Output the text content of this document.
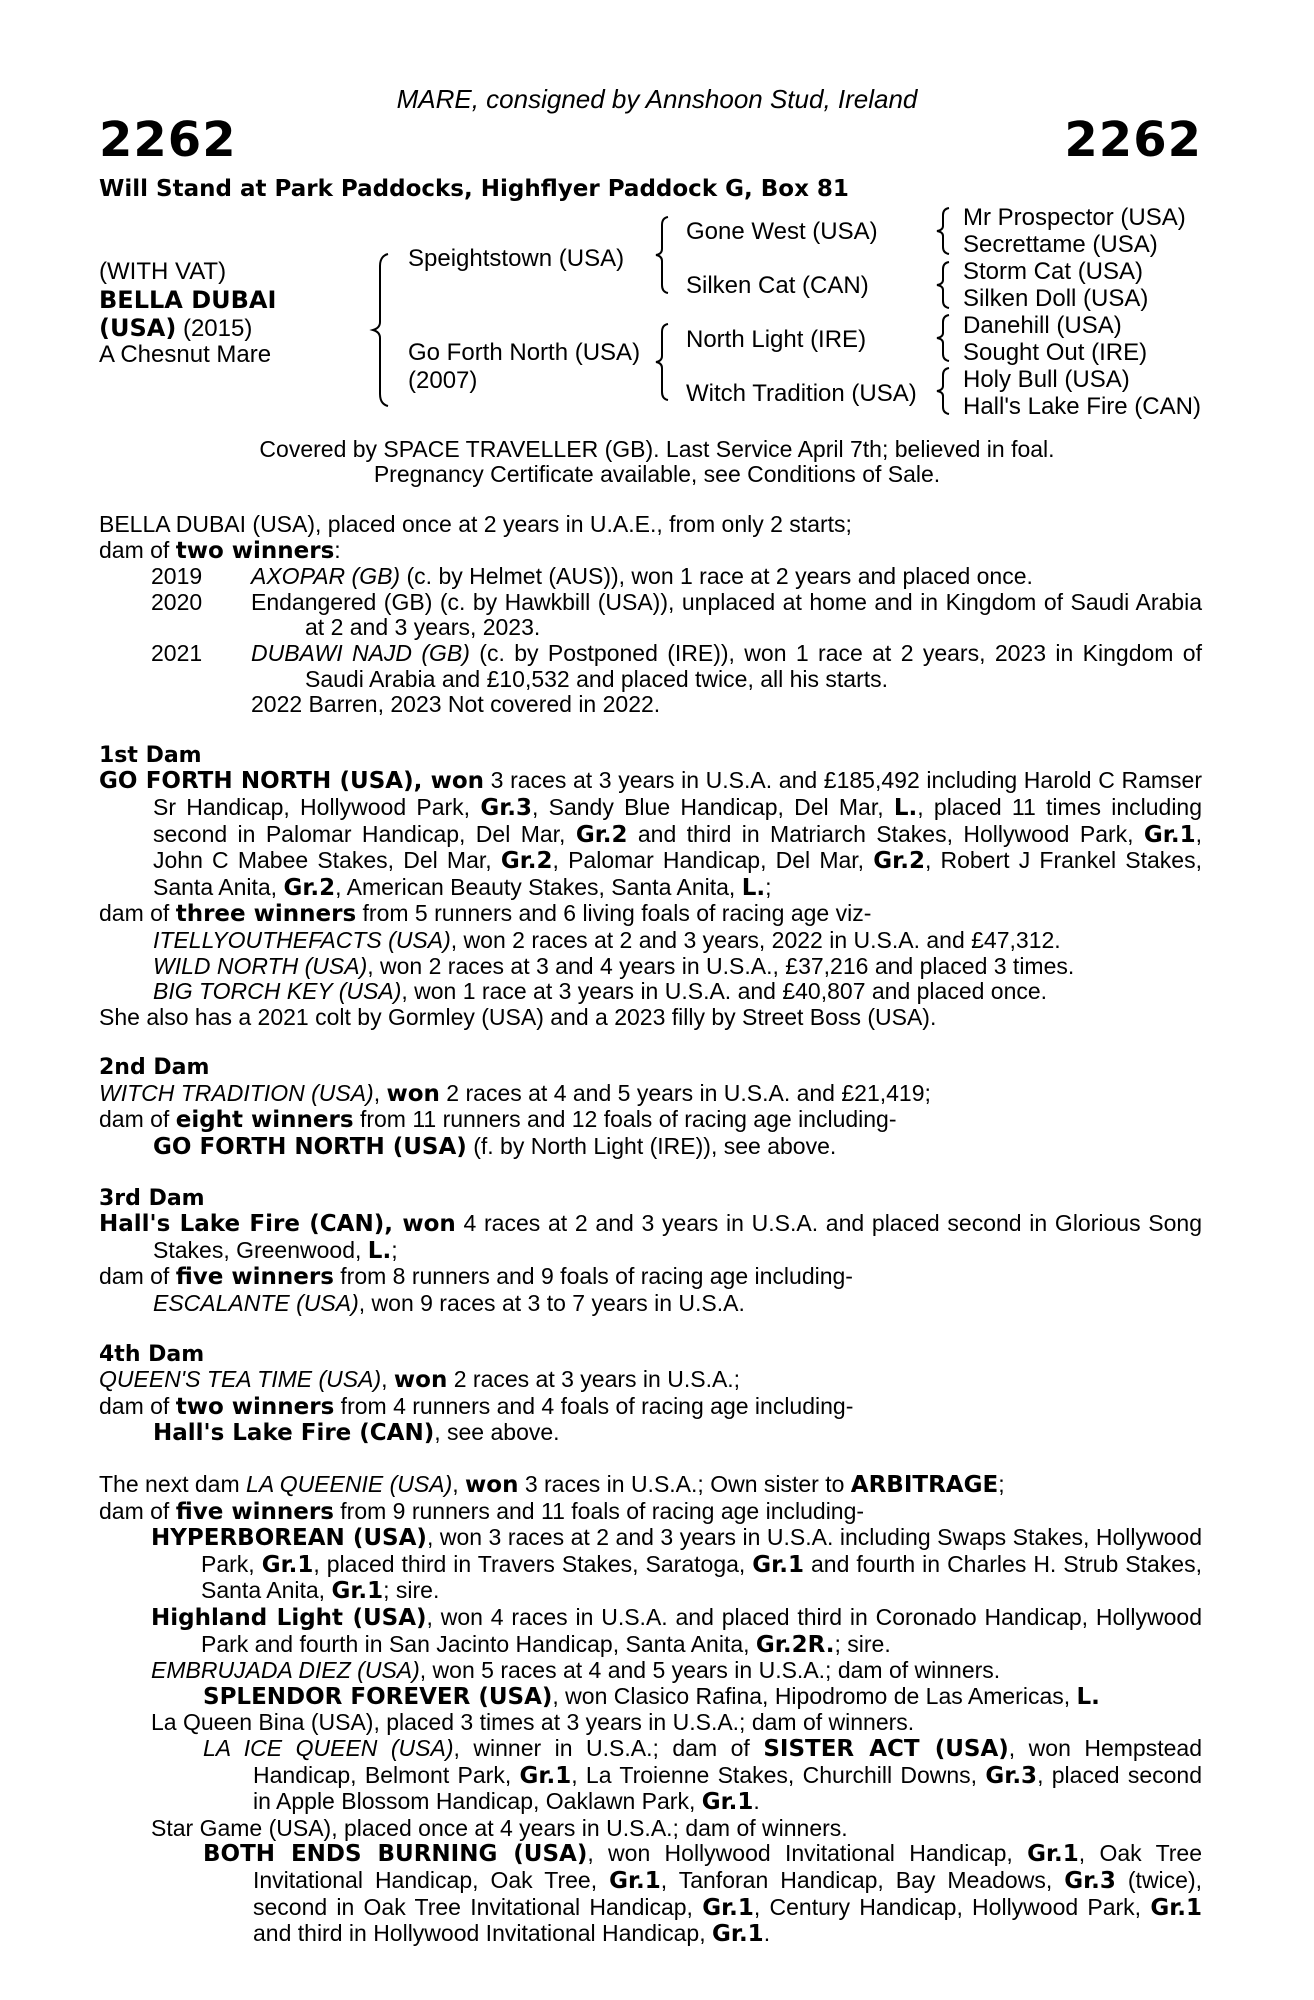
MARE, consigned by Annshoon Stud, Ireland
2262	2262
Will Stand at Park Paddocks, Highflyer Paddock G, Box 81
(WITH VAT)
BELLA DUBAI
(USA) (2015)
A Chesnut Mare
Speightstown (USA)
Go Forth North (USA)
(2007)
Gone West (USA)
Silken Cat (CAN)
North Light (IRE)
Witch Tradition (USA)
Mr Prospector (USA)
Secrettame (USA)
Storm Cat (USA)
Silken Doll (USA)
Danehill (USA)
Sought Out (IRE)
Holy Bull (USA)
Hall's Lake Fire (CAN)
Covered by SPACE TRAVELLER (GB). Last Service April 7th; believed in foal.
Pregnancy Certificate available, see Conditions of Sale.

BELLA DUBAI (USA), placed once at 2 years in U.A.E., from only 2 starts;

dam of two winners:

2019	AXOPAR (GB) (c. by Helmet (AUS)), won 1 race at 2 years and placed once.
2020	Endangered (GB) (c. by Hawkbill (USA)), unplaced at home and in Kingdom of Saudi Arabia at 2 and 3 years, 2023.
2021	DUBAWI NAJD (GB) (c. by Postponed (IRE)), won 1 race at 2 years, 2023 in Kingdom of Saudi Arabia and £10,532 and placed twice, all his starts.

2022 Barren, 2023 Not covered in 2022.

1st Dam

GO FORTH NORTH (USA), won 3 races at 3 years in U.S.A. and £185,492 including Harold C Ramser Sr Handicap, Hollywood Park, Gr.3, Sandy Blue Handicap, Del Mar, L., placed 11 times including second in Palomar Handicap, Del Mar, Gr.2 and third in Matriarch Stakes, Hollywood Park, Gr.1, John C Mabee Stakes, Del Mar, Gr.2, Palomar Handicap, Del Mar, Gr.2, Robert J Frankel Stakes, Santa Anita, Gr.2, American Beauty Stakes, Santa Anita, L.;

dam of three winners from 5 runners and 6 living foals of racing age viz-

ITELLYOUTHEFACTS (USA), won 2 races at 2 and 3 years, 2022 in U.S.A. and £47,312.

WILD NORTH (USA), won 2 races at 3 and 4 years in U.S.A., £37,216 and placed 3 times.

BIG TORCH KEY (USA), won 1 race at 3 years in U.S.A. and £40,807 and placed once.

She also has a 2021 colt by Gormley (USA) and a 2023 filly by Street Boss (USA).

2nd Dam

WITCH TRADITION (USA), won 2 races at 4 and 5 years in U.S.A. and £21,419;

dam of eight winners from 11 runners and 12 foals of racing age including-

GO FORTH NORTH (USA) (f. by North Light (IRE)), see above.

3rd Dam

Hall's Lake Fire (CAN), won 4 races at 2 and 3 years in U.S.A. and placed second in Glorious Song Stakes, Greenwood, L.;

dam of five winners from 8 runners and 9 foals of racing age including-

ESCALANTE (USA), won 9 races at 3 to 7 years in U.S.A.

4th Dam

QUEEN'S TEA TIME (USA), won 2 races at 3 years in U.S.A.;

dam of two winners from 4 runners and 4 foals of racing age including-

Hall's Lake Fire (CAN), see above.

The next dam LA QUEENIE (USA), won 3 races in U.S.A.; Own sister to ARBITRAGE;

dam of five winners from 9 runners and 11 foals of racing age including-

HYPERBOREAN (USA), won 3 races at 2 and 3 years in U.S.A. including Swaps Stakes, Hollywood Park, Gr.1, placed third in Travers Stakes, Saratoga, Gr.1 and fourth in Charles H. Strub Stakes, Santa Anita, Gr.1; sire.

Highland Light (USA), won 4 races in U.S.A. and placed third in Coronado Handicap, Hollywood Park and fourth in San Jacinto Handicap, Santa Anita, Gr.2R.; sire.

EMBRUJADA DIEZ (USA), won 5 races at 4 and 5 years in U.S.A.; dam of winners.

SPLENDOR FOREVER (USA), won Clasico Rafina, Hipodromo de Las Americas, L.

La Queen Bina (USA), placed 3 times at 3 years in U.S.A.; dam of winners.

LA ICE QUEEN (USA), winner in U.S.A.; dam of SISTER ACT (USA), won Hempstead Handicap, Belmont Park, Gr.1, La Troienne Stakes, Churchill Downs, Gr.3, placed second in Apple Blossom Handicap, Oaklawn Park, Gr.1.

Star Game (USA), placed once at 4 years in U.S.A.; dam of winners.

BOTH ENDS BURNING (USA), won Hollywood Invitational Handicap, Gr.1, Oak Tree Invitational Handicap, Oak Tree, Gr.1, Tanforan Handicap, Bay Meadows, Gr.3 (twice), second in Oak Tree Invitational Handicap, Gr.1, Century Handicap, Hollywood Park, Gr.1 and third in Hollywood Invitational Handicap, Gr.1.
